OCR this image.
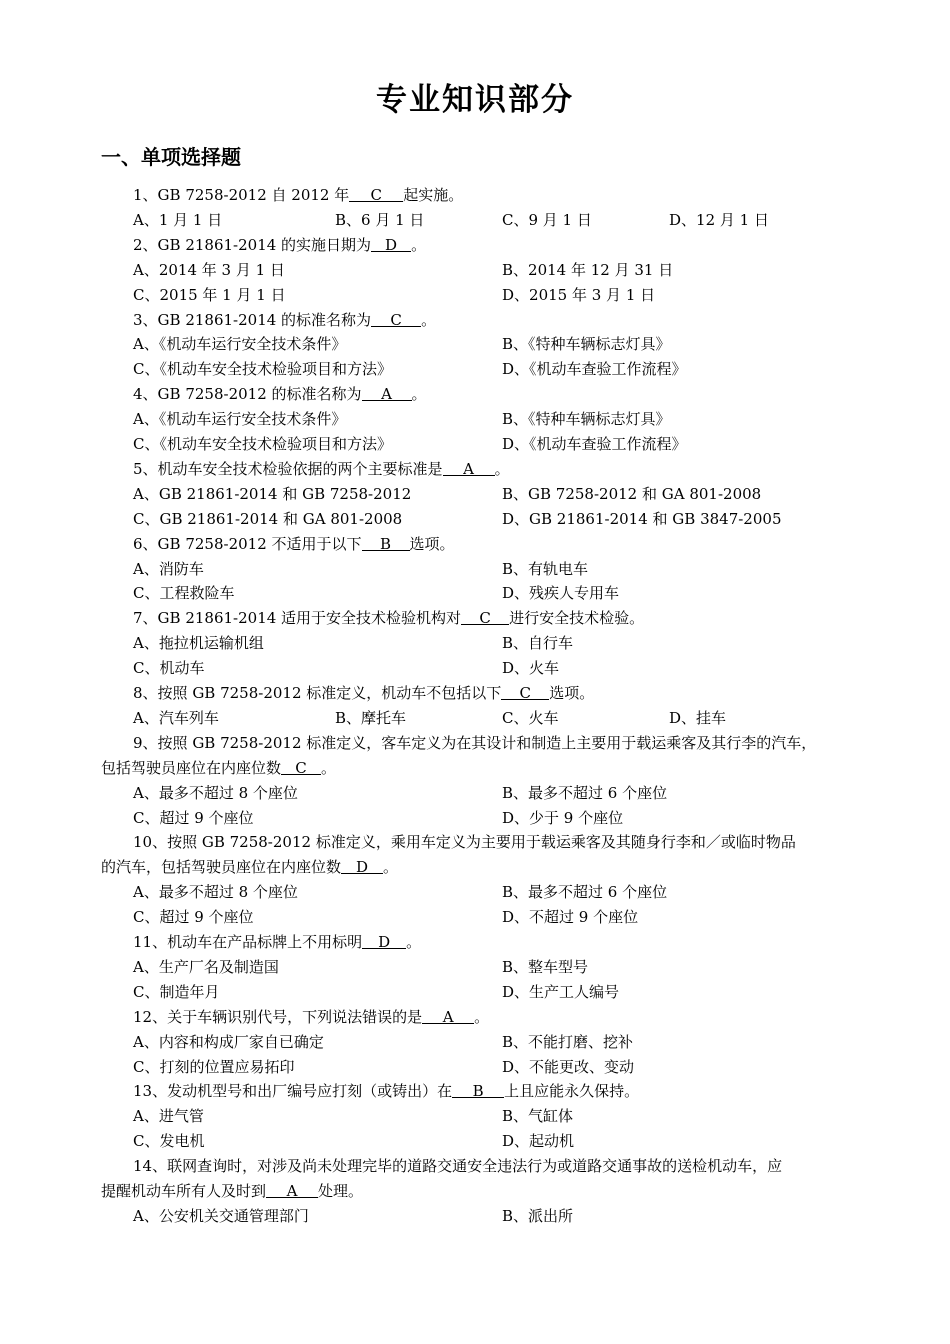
专业知识部分
一、单项选择题
1、GB 7258-2012 自 2012 年 C 起实施。
A、1 月 1 日	B、6 月 1 日	C、9 月 1 日	D、12 月 1 日
2、GB 21861-2014 的实施日期为 D 。
A、2014 年 3 月 1 日	B、2014 年 12 月 31 日
C、2015 年 1 月 1 日	D、2015 年 3 月 1 日
3、GB 21861-2014 的标准名称为 C 。
A、《机动车运行安全技术条件》	B、《特种车辆标志灯具》
C、《机动车安全技术检验项目和方法》	D、《机动车查验工作流程》
4、GB 7258-2012 的标准名称为 A 。
A、《机动车运行安全技术条件》	B、《特种车辆标志灯具》
C、《机动车安全技术检验项目和方法》	D、《机动车查验工作流程》
5、机动车安全技术检验依据的两个主要标准是 A 。
A、GB 21861-2014 和 GB 7258-2012	B、GB 7258-2012 和 GA 801-2008
C、GB 21861-2014 和 GA 801-2008	D、GB 21861-2014 和 GB 3847-2005
6、GB 7258-2012 不适用于以下 B 选项。
A、消防车	B、有轨电车
C、工程救险车	D、残疾人专用车
7、GB 21861-2014 适用于安全技术检验机构对 C 进行安全技术检验。
A、拖拉机运输机组	B、自行车
C、机动车	D、火车
8、按照 GB 7258-2012 标准定义，机动车不包括以下 C 选项。
A、汽车列车	B、摩托车	C、火车	D、挂车
9、按照 GB 7258-2012 标准定义，客车定义为在其设计和制造上主要用于载运乘客及其行李的汽车，
包括驾驶员座位在内座位数 C 。
A、最多不超过 8 个座位	B、最多不超过 6 个座位
C、超过 9 个座位	D、少于 9 个座位
10、按照 GB 7258-2012 标准定义，乘用车定义为主要用于载运乘客及其随身行李和／或临时物品
的汽车，包括驾驶员座位在内座位数 D 。
A、最多不超过 8 个座位	B、最多不超过 6 个座位
C、超过 9 个座位	D、不超过 9 个座位
11、机动车在产品标牌上不用标明 D 。
A、生产厂名及制造国	B、整车型号
C、制造年月	D、生产工人编号
12、关于车辆识别代号，下列说法错误的是 A 。
A、内容和构成厂家自已确定	B、不能打磨、挖补
C、打刻的位置应易拓印	D、不能更改、变动
13、发动机型号和出厂编号应打刻（或铸出）在 B 上且应能永久保持。
A、进气管	B、气缸体
C、发电机	D、起动机
14、联网查询时，对涉及尚未处理完毕的道路交通安全违法行为或道路交通事故的送检机动车，应
提醒机动车所有人及时到 A 处理。
A、公安机关交通管理部门	B、派出所
